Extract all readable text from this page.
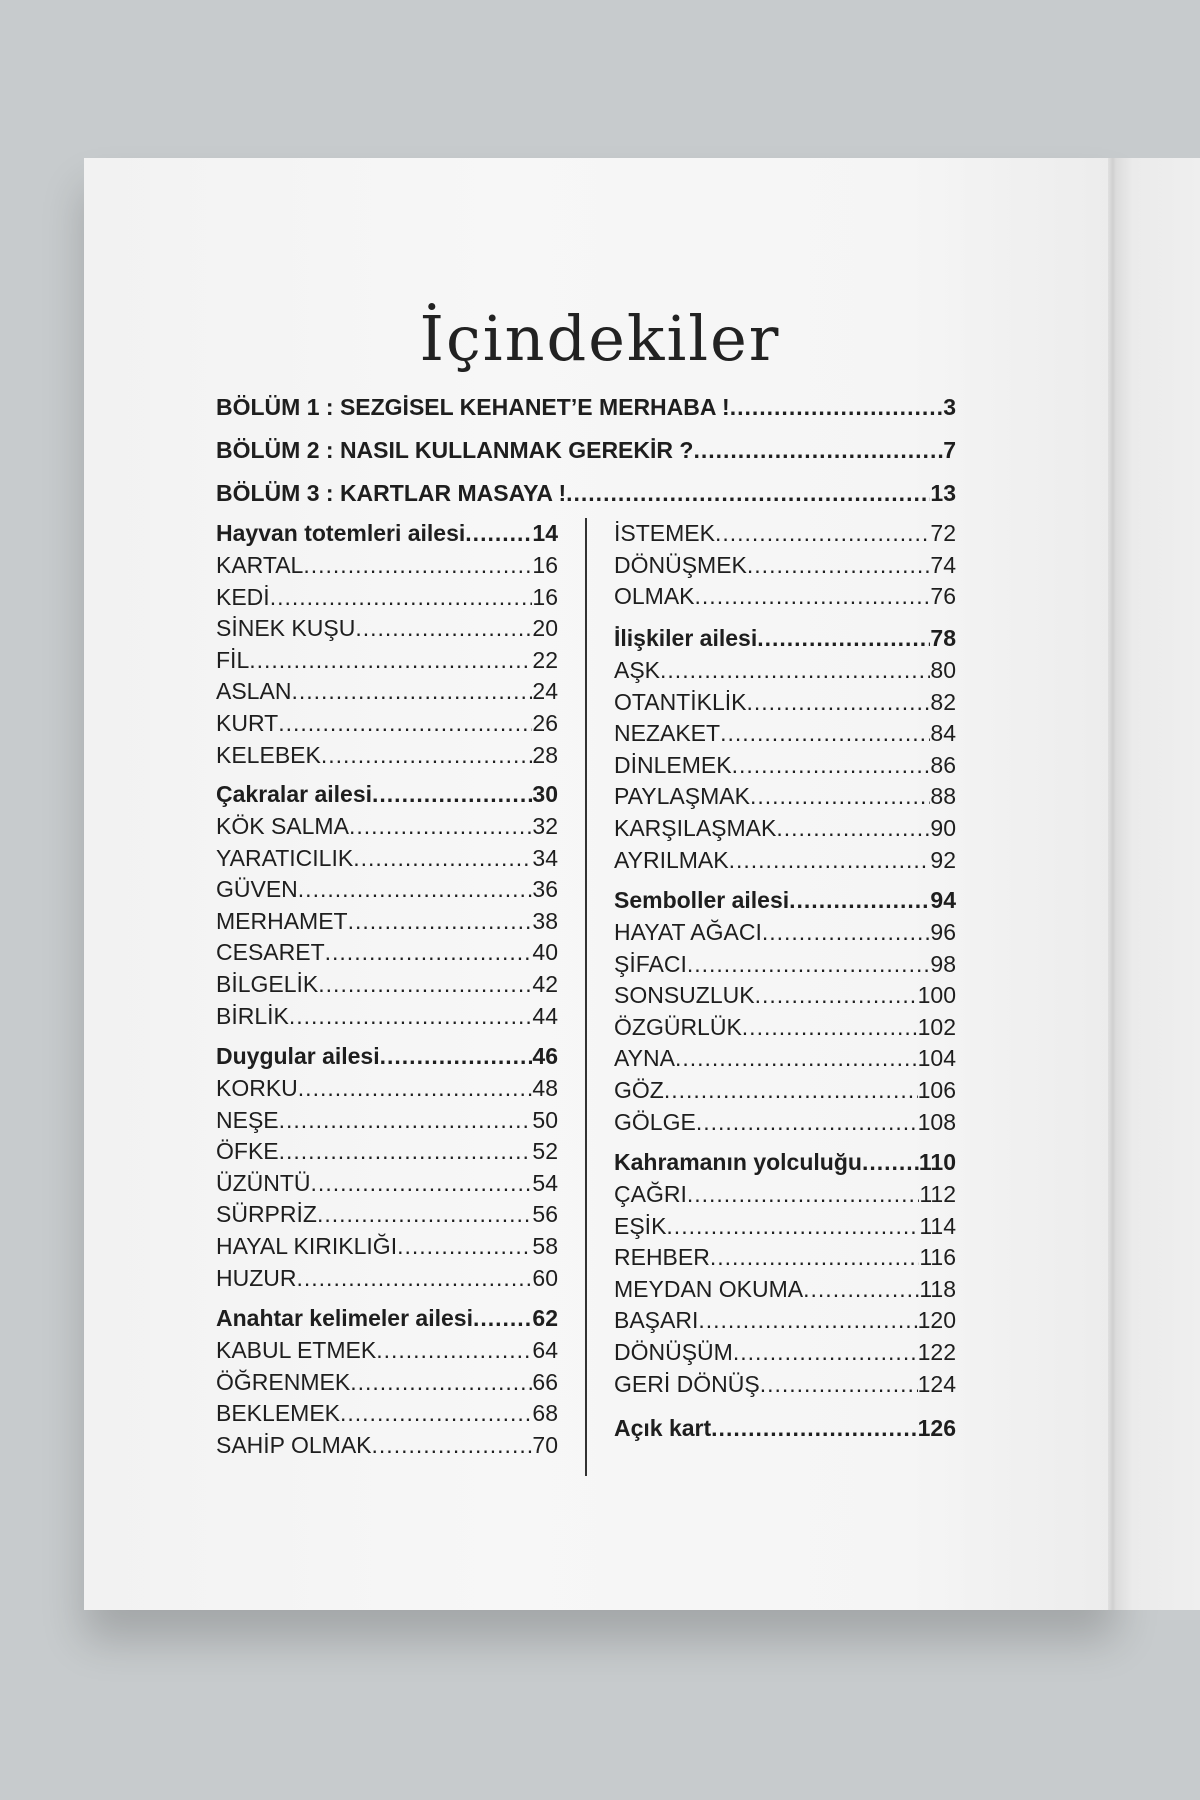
İçindekiler
BÖLÜM 1 : SEZGİSEL KEHANET’E MERHABA ! .....	3
BÖLÜM 2 : NASIL KULLANMAK GEREKİR ? .....	7
BÖLÜM 3 : KARTLAR MASAYA ! .....	13
Hayvan totemleri ailesi .....	14
KARTAL .....	16
KEDİ .....	16
SİNEK KUŞU .....	20
FİL .....	22
ASLAN .....	24
KURT .....	26
KELEBEK .....	28
Çakralar ailesi .....	30
KÖK SALMA .....	32
YARATICILIK .....	34
GÜVEN .....	36
MERHAMET .....	38
CESARET .....	40
BİLGELİK .....	42
BİRLİK .....	44
Duygular ailesi .....	46
KORKU .....	48
NEŞE .....	50
ÖFKE .....	52
ÜZÜNTÜ .....	54
SÜRPRİZ .....	56
HAYAL KIRIKLIĞI .....	58
HUZUR .....	60
Anahtar kelimeler ailesi .....	62
KABUL ETMEK .....	64
ÖĞRENMEK .....	66
BEKLEMEK .....	68
SAHİP OLMAK .....	70
İSTEMEK .....	72
DÖNÜŞMEK .....	74
OLMAK .....	76
İlişkiler ailesi .....	78
AŞK .....	80
OTANTİKLİK .....	82
NEZAKET .....	84
DİNLEMEK .....	86
PAYLAŞMAK .....	88
KARŞILAŞMAK .....	90
AYRILMAK .....	92
Semboller ailesi .....	94
HAYAT AĞACI .....	96
ŞİFACI .....	98
SONSUZLUK .....	100
ÖZGÜRLÜK .....	102
AYNA .....	104
GÖZ .....	106
GÖLGE .....	108
Kahramanın yolculuğu ..... 110
ÇAĞRI .....	112
EŞİK .....	114
REHBER .....	116
MEYDAN OKUMA .....	118
BAŞARI .....	120
DÖNÜŞÜM .....	122
GERİ DÖNÜŞ .....	124
Açık kart .....	126
